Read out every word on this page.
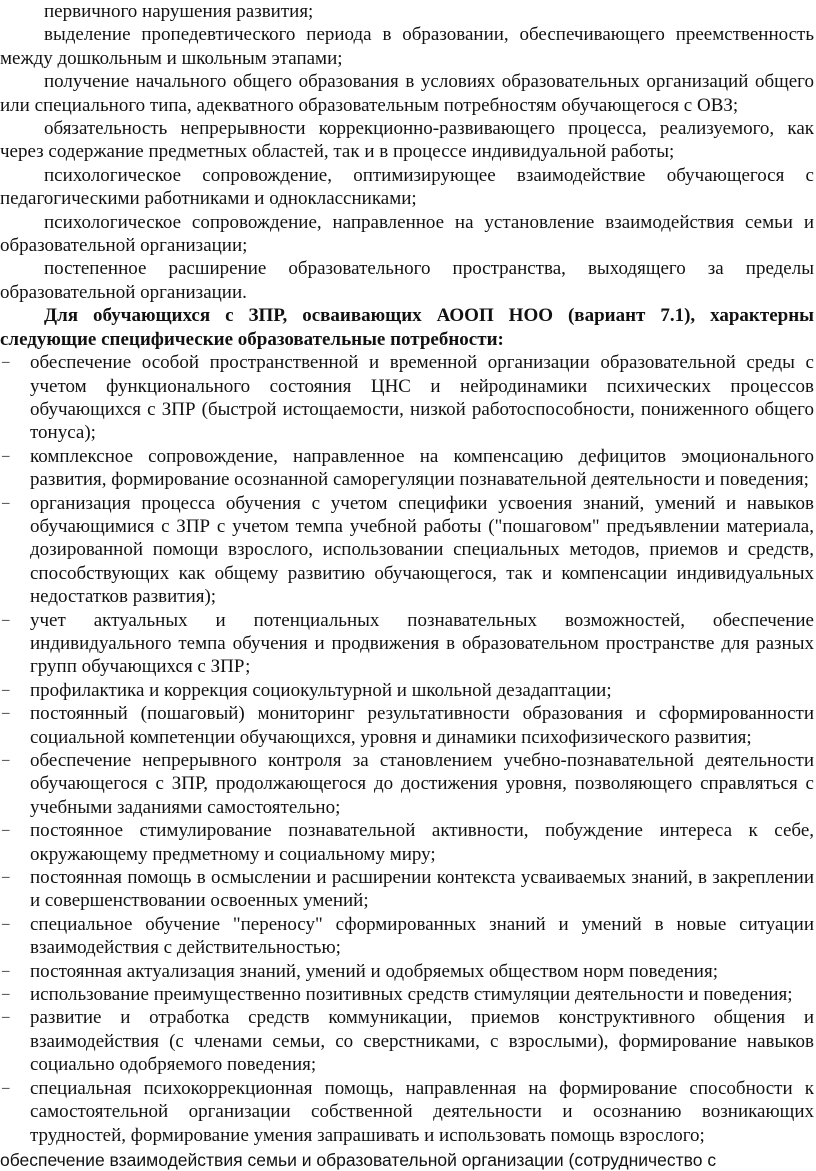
первичного нарушения развития;

выделение пропедевтического периода в образовании, обеспечивающего преемственность между дошкольным и школьным этапами;

получение начального общего образования в условиях образовательных организаций общего или специального типа, адекватного образовательным потребностям обучающегося с ОВЗ;

обязательность непрерывности коррекционно-развивающего процесса, реализуемого, как через содержание предметных областей, так и в процессе индивидуальной работы;

психологическое сопровождение, оптимизирующее взаимодействие обучающегося с педагогическими работниками и одноклассниками;

психологическое сопровождение, направленное на установление взаимодействия семьи и образовательной организации;

постепенное расширение образовательного пространства, выходящего за пределы образовательной организации.

Для обучающихся с ЗПР, осваивающих АООП НОО (вариант 7.1), характерны следующие специфические образовательные потребности:

– обеспечение особой пространственной и временной организации образовательной среды с учетом функционального состояния ЦНС и нейродинамики психических процессов обучающихся с ЗПР (быстрой истощаемости, низкой работоспособности, пониженного общего тонуса);
– комплексное сопровождение, направленное на компенсацию дефицитов эмоционального развития, формирование осознанной саморегуляции познавательной деятельности и поведения;
– организация процесса обучения с учетом специфики усвоения знаний, умений и навыков обучающимися с ЗПР с учетом темпа учебной работы ("пошаговом" предъявлении материала, дозированной помощи взрослого, использовании специальных методов, приемов и средств, способствующих как общему развитию обучающегося, так и компенсации индивидуальных недостатков развития);
– учет актуальных и потенциальных познавательных возможностей, обеспечение индивидуального темпа обучения и продвижения в образовательном пространстве для разных групп обучающихся с ЗПР;
– профилактика и коррекция социокультурной и школьной дезадаптации;
– постоянный (пошаговый) мониторинг результативности образования и сформированности социальной компетенции обучающихся, уровня и динамики психофизического развития;
– обеспечение непрерывного контроля за становлением учебно-познавательной деятельности обучающегося с ЗПР, продолжающегося до достижения уровня, позволяющего справляться с учебными заданиями самостоятельно;
– постоянное стимулирование познавательной активности, побуждение интереса к себе, окружающему предметному и социальному миру;
– постоянная помощь в осмыслении и расширении контекста усваиваемых знаний, в закреплении и совершенствовании освоенных умений;
– специальное обучение "переносу" сформированных знаний и умений в новые ситуации взаимодействия с действительностью;
– постоянная актуализация знаний, умений и одобряемых обществом норм поведения;
– использование преимущественно позитивных средств стимуляции деятельности и поведения;
– развитие и отработка средств коммуникации, приемов конструктивного общения и взаимодействия (с членами семьи, со сверстниками, с взрослыми), формирование навыков социально одобряемого поведения;
– специальная психокоррекционная помощь, направленная на формирование способности к самостоятельной организации собственной деятельности и осознанию возникающих трудностей, формирование умения запрашивать и использовать помощь взрослого;

обеспечение взаимодействия семьи и образовательной организации (сотрудничество с
